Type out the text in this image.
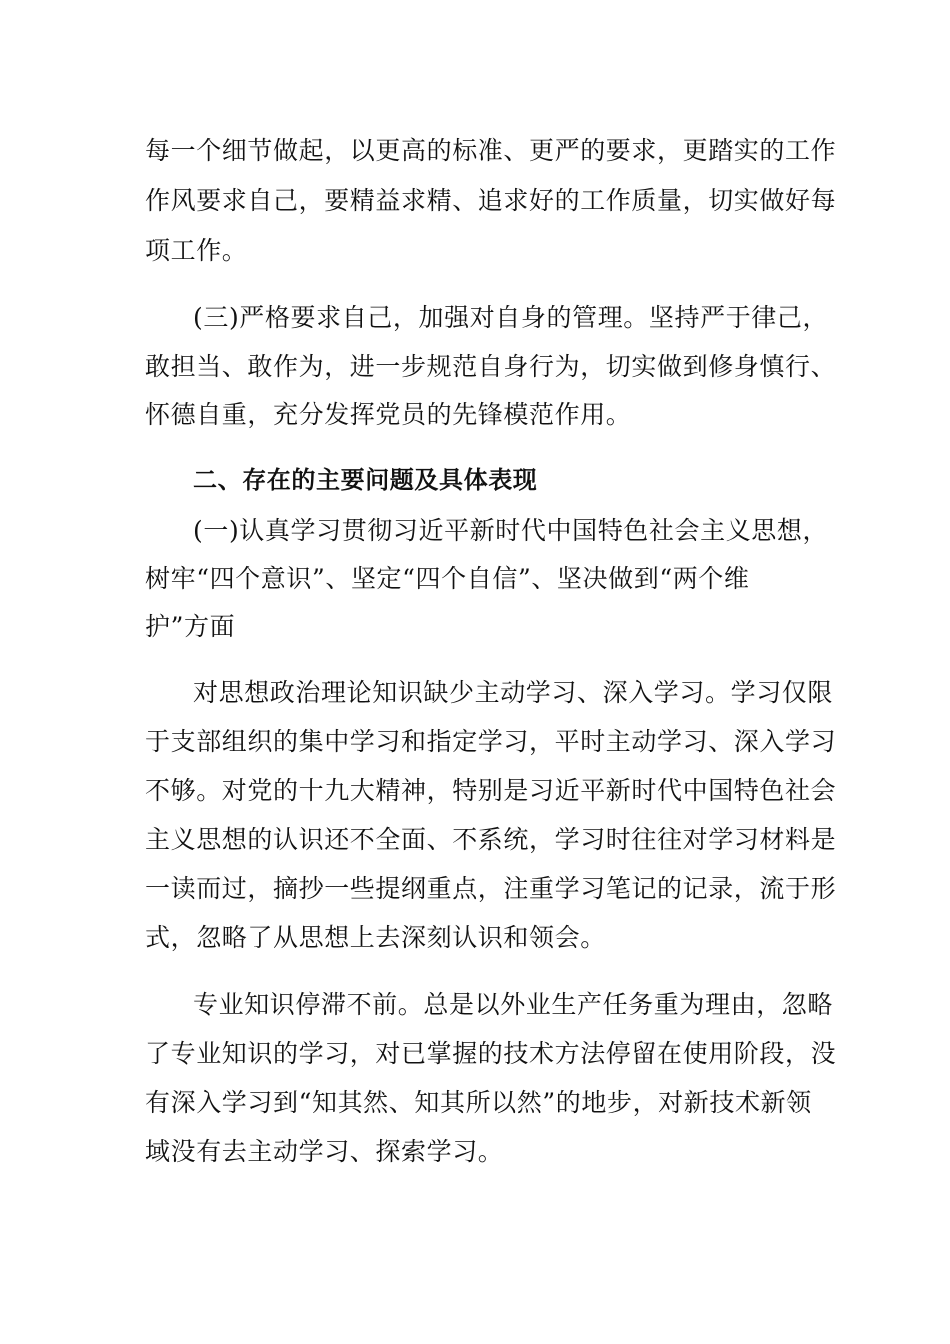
每一个细节做起，以更高的标准、更严的要求，更踏实的工作
作风要求自己，要精益求精、追求好的工作质量，切实做好每
项工作。
(三)严格要求自己，加强对自身的管理。坚持严于律己，
敢担当、敢作为，进一步规范自身行为，切实做到修身慎行、
怀德自重，充分发挥党员的先锋模范作用。
二、存在的主要问题及具体表现
(一)认真学习贯彻习近平新时代中国特色社会主义思想，
树牢“四个意识”、坚定“四个自信”、坚决做到“两个维
护”方面
对思想政治理论知识缺少主动学习、深入学习。学习仅限
于支部组织的集中学习和指定学习，平时主动学习、深入学习
不够。对党的十九大精神，特别是习近平新时代中国特色社会
主义思想的认识还不全面、不系统，学习时往往对学习材料是
一读而过，摘抄一些提纲重点，注重学习笔记的记录，流于形
式，忽略了从思想上去深刻认识和领会。
专业知识停滞不前。总是以外业生产任务重为理由，忽略
了专业知识的学习，对已掌握的技术方法停留在使用阶段，没
有深入学习到“知其然、知其所以然”的地步，对新技术新领
域没有去主动学习、探索学习。
